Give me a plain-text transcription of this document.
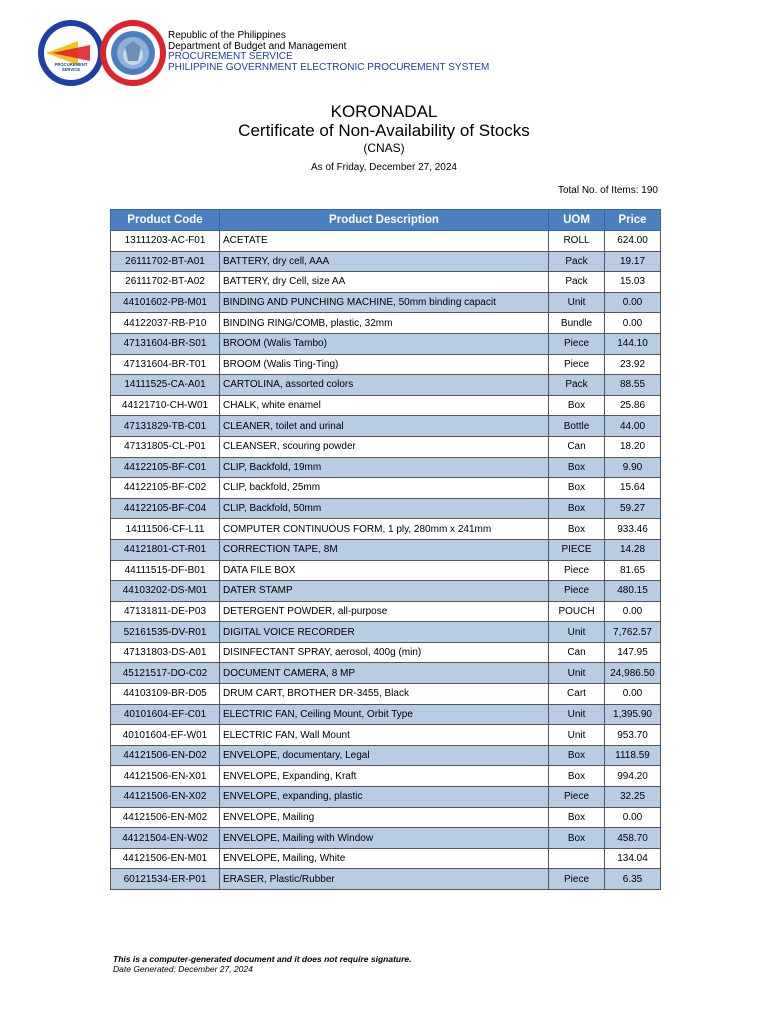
PROCUREMENT
SERVICE
Republic of the Philippines
Department of Budget and Management
PROCUREMENT SERVICE
PHILIPPINE GOVERNMENT ELECTRONIC PROCUREMENT SYSTEM
KORONADAL
Certificate of Non-Availability of Stocks
(CNAS)
As of Friday, December 27, 2024
Total No. of Items: 190
Product Code	Product Description	UOM	Price
13111203-AC-F01	ACETATE	ROLL	624.00
26111702-BT-A01	BATTERY, dry cell, AAA	Pack	19.17
26111702-BT-A02	BATTERY, dry Cell, size AA	Pack	15.03
44101602-PB-M01	BINDING AND PUNCHING MACHINE, 50mm binding capacit	Unit	0.00
44122037-RB-P10	BINDING RING/COMB, plastic, 32mm	Bundle	0.00
47131604-BR-S01	BROOM (Walis Tambo)	Piece	144.10
47131604-BR-T01	BROOM (Walis Ting-Ting)	Piece	23.92
14111525-CA-A01	CARTOLINA, assorted colors	Pack	88.55
44121710-CH-W01	CHALK, white enamel	Box	25.86
47131829-TB-C01	CLEANER, toilet and urinal	Bottle	44.00
47131805-CL-P01	CLEANSER, scouring powder	Can	18.20
44122105-BF-C01	CLIP, Backfold, 19mm	Box	9.90
44122105-BF-C02	CLIP, backfold, 25mm	Box	15.64
44122105-BF-C04	CLIP, Backfold, 50mm	Box	59.27
14111506-CF-L11	COMPUTER CONTINUOUS FORM, 1 ply, 280mm x 241mm	Box	933.46
44121801-CT-R01	CORRECTION TAPE, 8M	PIECE	14.28
44111515-DF-B01	DATA FILE BOX	Piece	81.65
44103202-DS-M01	DATER STAMP	Piece	480.15
47131811-DE-P03	DETERGENT POWDER, all-purpose	POUCH	0.00
52161535-DV-R01	DIGITAL VOICE RECORDER	Unit	7,762.57
47131803-DS-A01	DISINFECTANT SPRAY, aerosol, 400g (min)	Can	147.95
45121517-DO-C02	DOCUMENT CAMERA, 8 MP	Unit	24,986.50
44103109-BR-D05	DRUM CART, BROTHER DR-3455, Black	Cart	0.00
40101604-EF-C01	ELECTRIC FAN, Ceiling Mount, Orbit Type	Unit	1,395.90
40101604-EF-W01	ELECTRIC FAN, Wall Mount	Unit	953.70
44121506-EN-D02	ENVELOPE, documentary, Legal	Box	1118.59
44121506-EN-X01	ENVELOPE, Expanding, Kraft	Box	994.20
44121506-EN-X02	ENVELOPE, expanding, plastic	Piece	32.25
44121506-EN-M02	ENVELOPE, Mailing	Box	0.00
44121504-EN-W02	ENVELOPE, Mailing with Window	Box	458.70
44121506-EN-M01	ENVELOPE, Mailing, White		134.04
60121534-ER-P01	ERASER, Plastic/Rubber	Piece	6.35
This is a computer-generated document and it does not require signature.
Date Generated: December 27, 2024
